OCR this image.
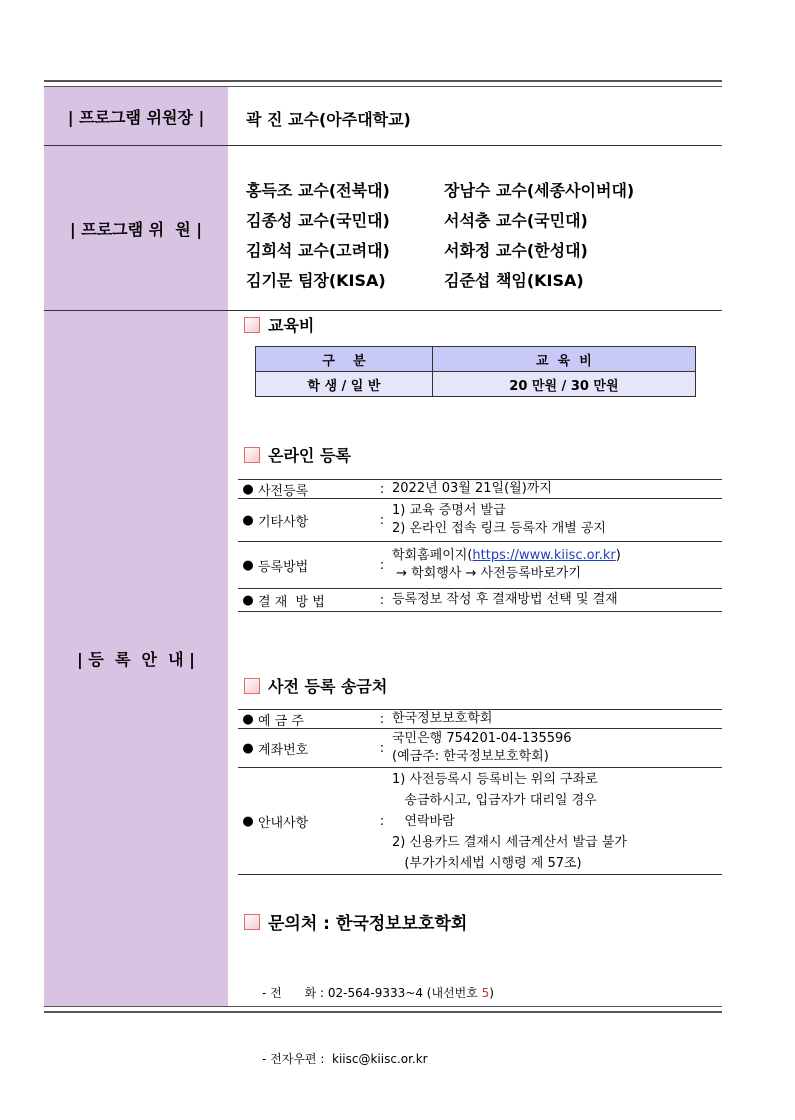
| 프로그램 위원장 |	곽 진 교수(아주대학교)
| 프로그램 위  원 |
홍득조 교수(전북대)	장남수 교수(세종사이버대)
김종성 교수(국민대)	서석충 교수(국민대)
김희석 교수(고려대)	서화정 교수(한성대)
김기문 팀장(KISA)	김준섭 책임(KISA)
| 등  록  안  내 |
교육비
구    분	교  육  비
학 생 / 일 반	20 만원 / 30 만원
온라인 등록
● 사전등록	: 2022년 03월 21일(월)까지
● 기타사항	:
1) 교육 증명서 발급
2) 온라인 접속 링크 등록자 개별 공지
● 등록방법	:
학회홈페이지(https://www.kiisc.or.kr)
→ 학회행사 → 사전등록바로가기
● 결 재  방 법	: 등록정보 작성 후 결재방법 선택 및 결재
사전 등록 송금처
● 예 금 주	: 한국정보보호학회
● 계좌번호	:
국민은행 754201-04-135596
(예금주: 한국정보보호학회)
● 안내사항	:
1) 사전등록시 등록비는 위의 구좌로
송금하시고, 입금자가 대리일 경우
연락바람
2) 신용카드 결재시 세금계산서 발급 불가
(부가가치세법 시행령 제 57조)
문의처 : 한국정보보호학회

- 전      화 : 02-564-9333~4 (내선번호 5)

- 전자우편 :  kiisc@kiisc.or.kr
